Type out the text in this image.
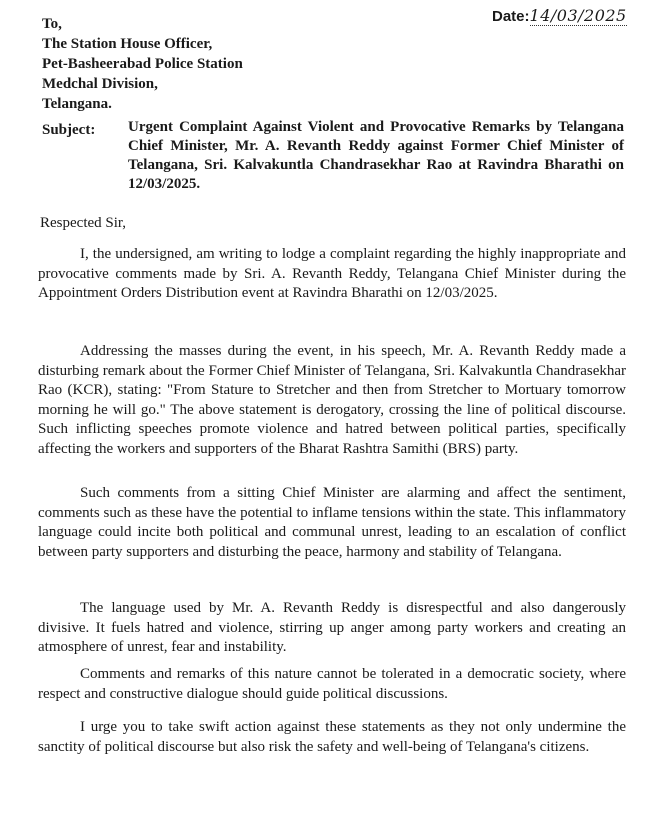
Date:14/03/2025
To,
The Station House Officer,
Pet-Basheerabad Police Station
Medchal Division,
Telangana.
Subject: Urgent Complaint Against Violent and Provocative Remarks by Telangana Chief Minister, Mr. A. Revanth Reddy against Former Chief Minister of Telangana, Sri. Kalvakuntla Chandrasekhar Rao at Ravindra Bharathi on 12/03/2025.
Respected Sir,

I, the undersigned, am writing to lodge a complaint regarding the highly inappropriate and provocative comments made by Sri. A. Revanth Reddy, Telangana Chief Minister during the Appointment Orders Distribution event at Ravindra Bharathi on 12/03/2025.

Addressing the masses during the event, in his speech, Mr. A. Revanth Reddy made a disturbing remark about the Former Chief Minister of Telangana, Sri. Kalvakuntla Chandrasekhar Rao (KCR), stating: "From Stature to Stretcher and then from Stretcher to Mortuary tomorrow morning he will go." The above statement is derogatory, crossing the line of political discourse. Such inflicting speeches promote violence and hatred between political parties, specifically affecting the workers and supporters of the Bharat Rashtra Samithi (BRS) party.

Such comments from a sitting Chief Minister are alarming and affect the sentiment, comments such as these have the potential to inflame tensions within the state. This inflammatory language could incite both political and communal unrest, leading to an escalation of conflict between party supporters and disturbing the peace, harmony and stability of Telangana.

The language used by Mr. A. Revanth Reddy is disrespectful and also dangerously divisive. It fuels hatred and violence, stirring up anger among party workers and creating an atmosphere of unrest, fear and instability.

Comments and remarks of this nature cannot be tolerated in a democratic society, where respect and constructive dialogue should guide political discussions.

I urge you to take swift action against these statements as they not only undermine the sanctity of political discourse but also risk the safety and well-being of Telangana's citizens.
